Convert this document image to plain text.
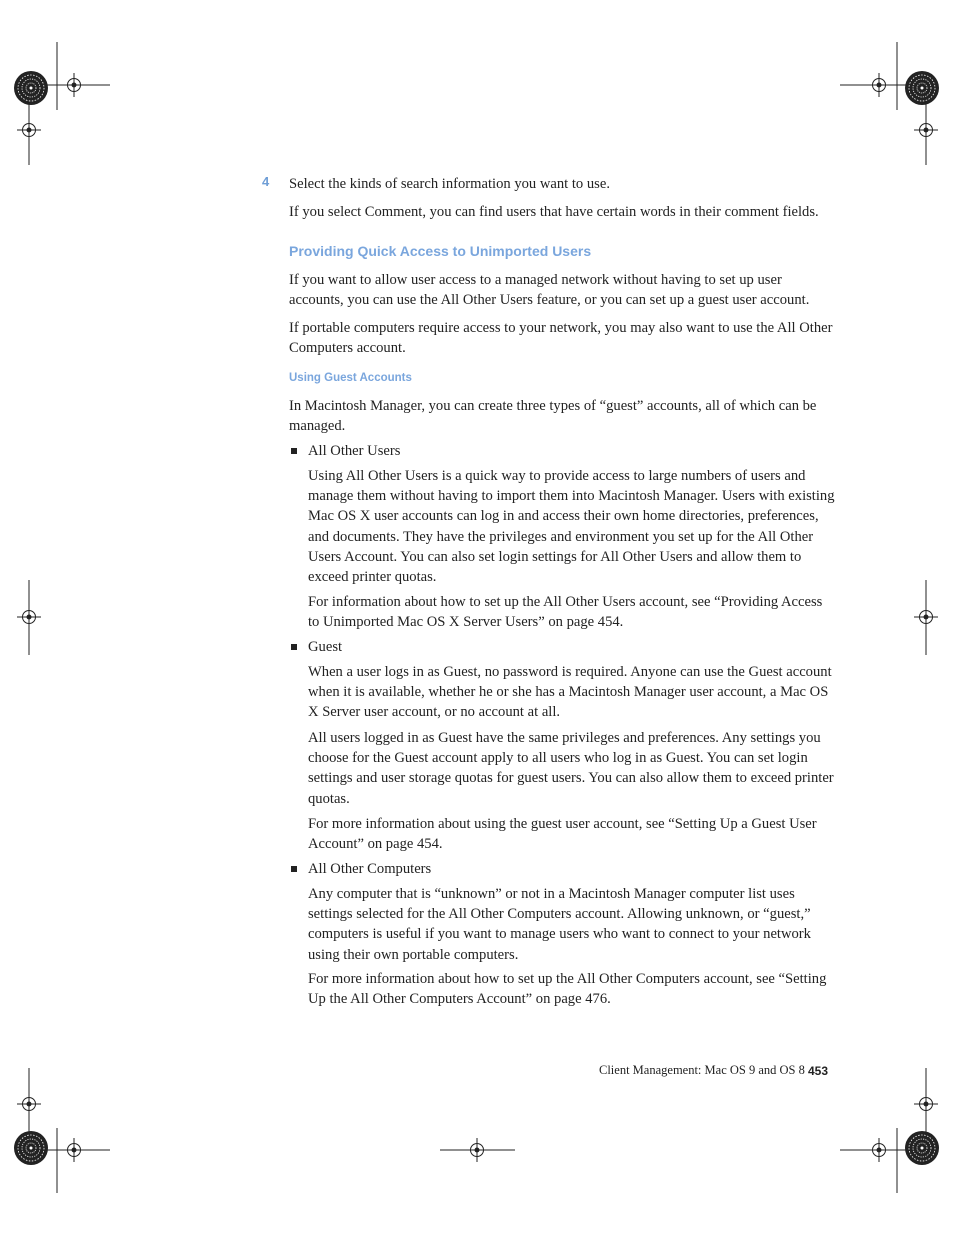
4 Select the kinds of search information you want to use.

If you select Comment, you can find users that have certain words in their comment fields.

Providing Quick Access to Unimported Users

If you want to allow user access to a managed network without having to set up user accounts, you can use the All Other Users feature, or you can set up a guest user account.

If portable computers require access to your network, you may also want to use the All Other Computers account.

Using Guest Accounts

In Macintosh Manager, you can create three types of “guest” accounts, all of which can be managed.

All Other Users

Using All Other Users is a quick way to provide access to large numbers of users and manage them without having to import them into Macintosh Manager. Users with existing Mac OS X user accounts can log in and access their own home directories, preferences, and documents. They have the privileges and environment you set up for the All Other Users Account. You can also set login settings for All Other Users and allow them to exceed printer quotas.

For information about how to set up the All Other Users account, see “Providing Access to Unimported Mac OS X Server Users” on page 454.

Guest

When a user logs in as Guest, no password is required. Anyone can use the Guest account when it is available, whether he or she has a Macintosh Manager user account, a Mac OS X Server user account, or no account at all.

All users logged in as Guest have the same privileges and preferences. Any settings you choose for the Guest account apply to all users who log in as Guest. You can set login settings and user storage quotas for guest users. You can also allow them to exceed printer quotas.

For more information about using the guest user account, see “Setting Up a Guest User Account” on page 454.

All Other Computers

Any computer that is “unknown” or not in a Macintosh Manager computer list uses settings selected for the All Other Computers account. Allowing unknown, or “guest,” computers is useful if you want to manage users who want to connect to your network using their own portable computers.

For more information about how to set up the All Other Computers account, see “Setting Up the All Other Computers Account” on page 476.

Client Management: Mac OS 9 and OS 8 453
